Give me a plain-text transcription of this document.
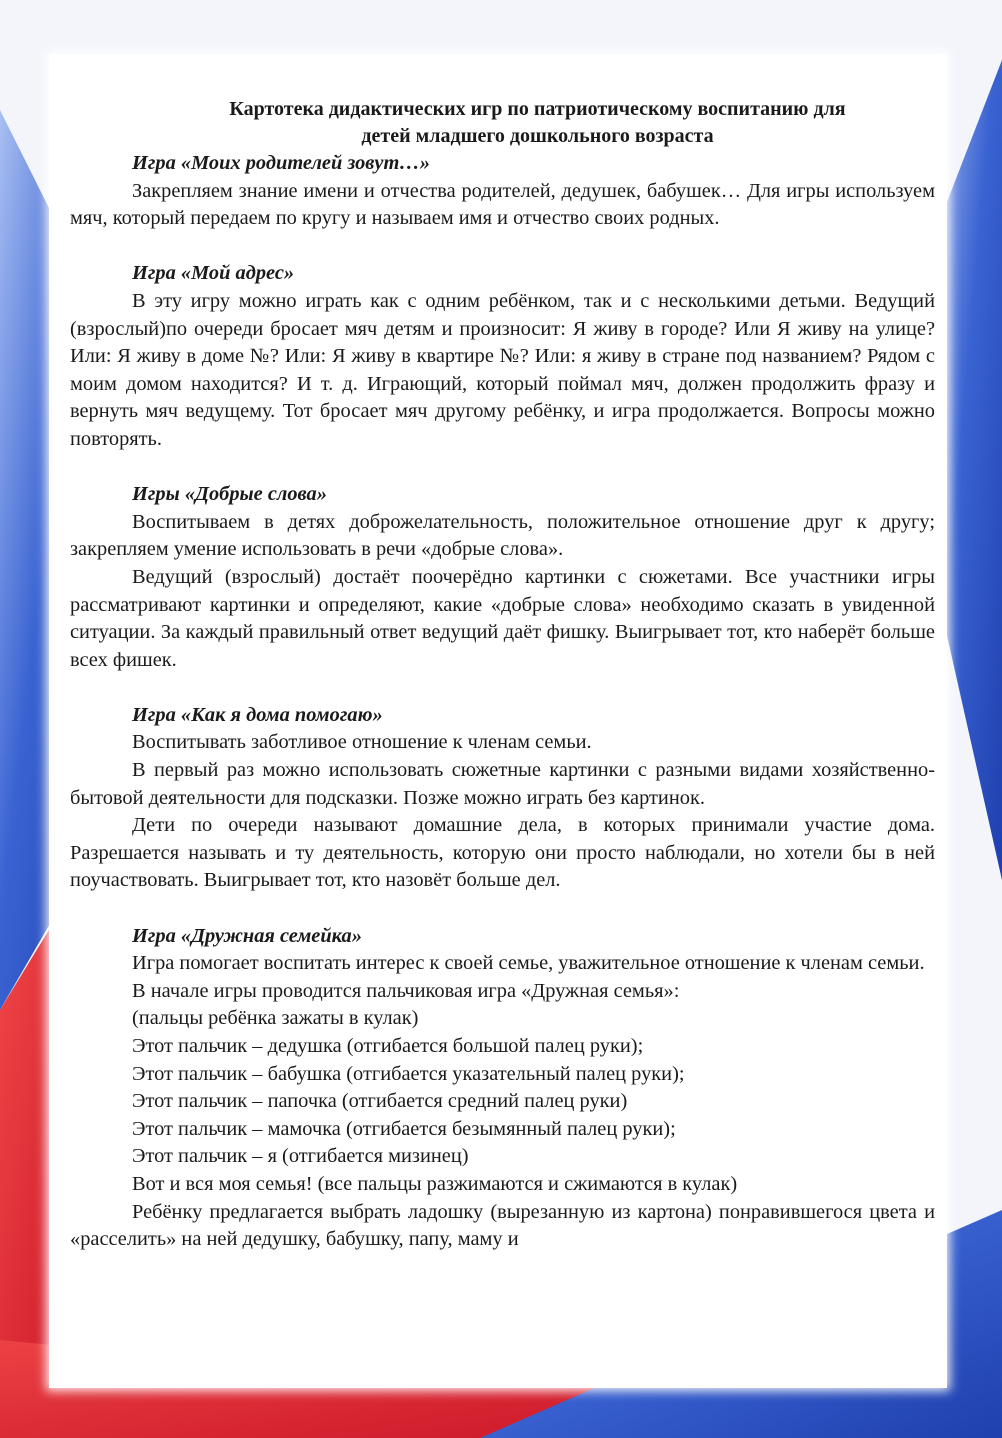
Картотека дидактических игр по патриотическому воспитанию для

детей младшего дошкольного возраста

Игра «Моих родителей зовут…»

Закрепляем знание имени и отчества родителей, дедушек, бабушек… Для игры используем мяч, который передаем по кругу и называем имя и отчество своих родных.

Игра «Мой адрес»

В эту игру можно играть как с одним ребёнком, так и с несколькими детьми. Ведущий (взрослый)по очереди бросает мяч детям и произносит: Я живу в городе? Или Я живу на улице? Или: Я живу в доме №? Или: Я живу в квартире №? Или: я живу в стране под названием? Рядом с моим домом находится? И т. д. Играющий, который поймал мяч, должен продолжить фразу и вернуть мяч ведущему. Тот бросает мяч другому ребёнку, и игра продолжается. Вопросы можно повторять.

Игры «Добрые слова»

Воспитываем в детях доброжелательность, положительное отношение друг к другу; закрепляем умение использовать в речи «добрые слова».

Ведущий (взрослый) достаёт поочерёдно картинки с сюжетами. Все участники игры рассматривают картинки и определяют, какие «добрые слова» необходимо сказать в увиденной ситуации. За каждый правильный ответ ведущий даёт фишку. Выигрывает тот, кто наберёт больше всех фишек.

Игра «Как я дома помогаю»

Воспитывать заботливое отношение к членам семьи.

В первый раз можно использовать сюжетные картинки с разными видами хозяйственно-бытовой деятельности для подсказки. Позже можно играть без картинок.

Дети по очереди называют домашние дела, в которых принимали участие дома. Разрешается называть и ту деятельность, которую они просто наблюдали, но хотели бы в ней поучаствовать. Выигрывает тот, кто назовёт больше дел.

Игра «Дружная семейка»

Игра помогает воспитать интерес к своей семье, уважительное отношение к членам семьи.

В начале игры проводится пальчиковая игра «Дружная семья»:

(пальцы ребёнка зажаты в кулак)

Этот пальчик – дедушка (отгибается большой палец руки);

Этот пальчик – бабушка (отгибается указательный палец руки);

Этот пальчик – папочка (отгибается средний палец руки)

Этот пальчик – мамочка (отгибается безымянный палец руки);

Этот пальчик – я (отгибается мизинец)

Вот и вся моя семья! (все пальцы разжимаются и сжимаются в кулак)

Ребёнку предлагается выбрать ладошку (вырезанную из картона) понравившегося цвета и «расселить» на ней дедушку, бабушку, папу, маму и
